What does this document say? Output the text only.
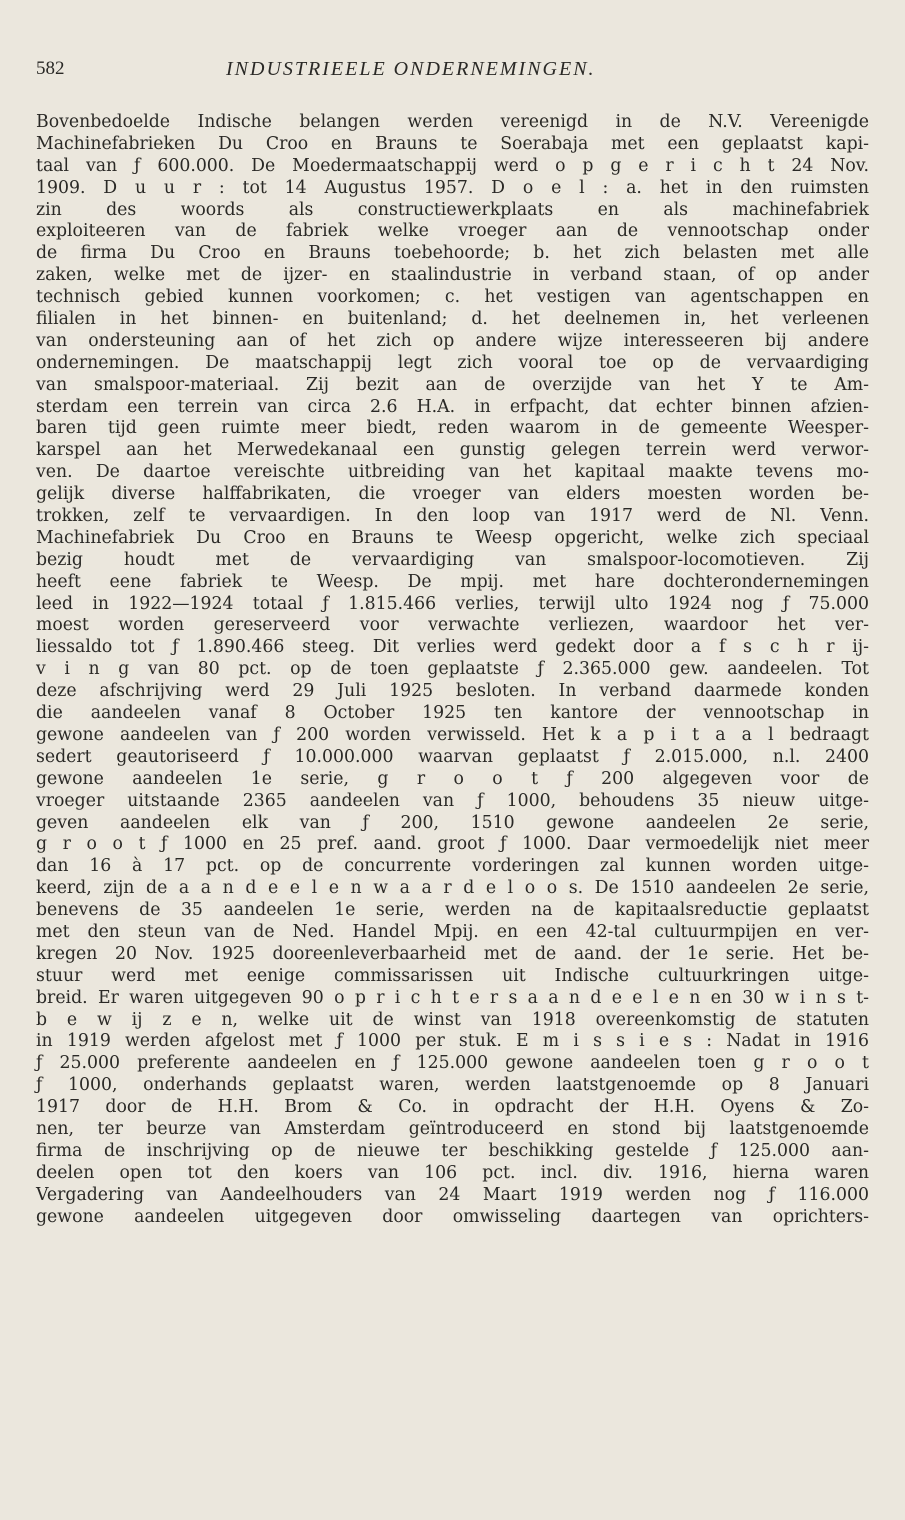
582	INDUSTRIEELE ONDERNEMINGEN.
Bovenbedoelde Indische belangen werden vereenigd in de N.V. Vereenigde
Machinefabrieken Du Croo en Brauns te Soerabaja met een geplaatst kapi-
taal van ƒ 600.000. De Moedermaatschappij werd o p g e r i c h t 24 Nov.
1909. D u u r : tot 14 Augustus 1957. D o e l : a. het in den ruimsten
zin des woords als constructiewerkplaats en als machinefabriek
exploiteeren van de fabriek welke vroeger aan de vennootschap onder
de firma Du Croo en Brauns toebehoorde; b. het zich belasten met alle
zaken, welke met de ijzer- en staalindustrie in verband staan, of op ander
technisch gebied kunnen voorkomen; c. het vestigen van agentschappen en
filialen in het binnen- en buitenland; d. het deelnemen in, het verleenen
van ondersteuning aan of het zich op andere wijze interesseeren bij andere
ondernemingen. De maatschappij legt zich vooral toe op de vervaardiging
van smalspoor-materiaal. Zij bezit aan de overzijde van het Y te Am-
sterdam een terrein van circa 2.6 H.A. in erfpacht, dat echter binnen afzien-
baren tijd geen ruimte meer biedt, reden waarom in de gemeente Weesper-
karspel aan het Merwedekanaal een gunstig gelegen terrein werd verwor-
ven. De daartoe vereischte uitbreiding van het kapitaal maakte tevens mo-
gelijk diverse halffabrikaten, die vroeger van elders moesten worden be-
trokken, zelf te vervaardigen. In den loop van 1917 werd de Nl. Venn.
Machinefabriek Du Croo en Brauns te Weesp opgericht, welke zich speciaal
bezig houdt met de vervaardiging van smalspoor-locomotieven. Zij
heeft eene fabriek te Weesp. De mpij. met hare dochterondernemingen
leed in 1922—1924 totaal ƒ 1.815.466 verlies, terwijl ulto 1924 nog ƒ 75.000
moest worden gereserveerd voor verwachte verliezen, waardoor het ver-
liessaldo tot ƒ 1.890.466 steeg. Dit verlies werd gedekt door a f s c h r ij-
v i n g van 80 pct. op de toen geplaatste ƒ 2.365.000 gew. aandeelen. Tot
deze afschrijving werd 29 Juli 1925 besloten. In verband daarmede konden
die aandeelen vanaf 8 October 1925 ten kantore der vennootschap in
gewone aandeelen van ƒ 200 worden verwisseld. Het k a p i t a a l bedraagt
sedert geautoriseerd ƒ 10.000.000 waarvan geplaatst ƒ 2.015.000, n.l. 2400
gewone aandeelen 1e serie, g r o o t ƒ 200 algegeven voor de
vroeger uitstaande 2365 aandeelen van ƒ 1000, behoudens 35 nieuw uitge-
geven aandeelen elk van ƒ 200, 1510 gewone aandeelen 2e serie,
g r o o t ƒ 1000 en 25 pref. aand. groot ƒ 1000. Daar vermoedelijk niet meer
dan 16 à 17 pct. op de concurrente vorderingen zal kunnen worden uitge-
keerd, zijn de a a n d e e l e n w a a r d e l o o s. De 1510 aandeelen 2e serie,
benevens de 35 aandeelen 1e serie, werden na de kapitaalsreductie geplaatst
met den steun van de Ned. Handel Mpij. en een 42-tal cultuurmpijen en ver-
kregen 20 Nov. 1925 dooreenleverbaarheid met de aand. der 1e serie. Het be-
stuur werd met eenige commissarissen uit Indische cultuurkringen uitge-
breid. Er waren uitgegeven 90 o p r i c h t e r s a a n d e e l e n en 30 w i n s t-
b e w ij z e n, welke uit de winst van 1918 overeenkomstig de statuten
in 1919 werden afgelost met ƒ 1000 per stuk. E m i s s i e s : Nadat in 1916
ƒ 25.000 preferente aandeelen en ƒ 125.000 gewone aandeelen toen g r o o t
ƒ 1000, onderhands geplaatst waren, werden laatstgenoemde op 8 Januari
1917 door de H.H. Brom & Co. in opdracht der H.H. Oyens & Zo-
nen, ter beurze van Amsterdam geïntroduceerd en stond bij laatstgenoemde
firma de inschrijving op de nieuwe ter beschikking gestelde ƒ 125.000 aan-
deelen open tot den koers van 106 pct. incl. div. 1916, hierna waren
Vergadering van Aandeelhouders van 24 Maart 1919 werden nog ƒ 116.000
gewone aandeelen uitgegeven door omwisseling daartegen van oprichters-
